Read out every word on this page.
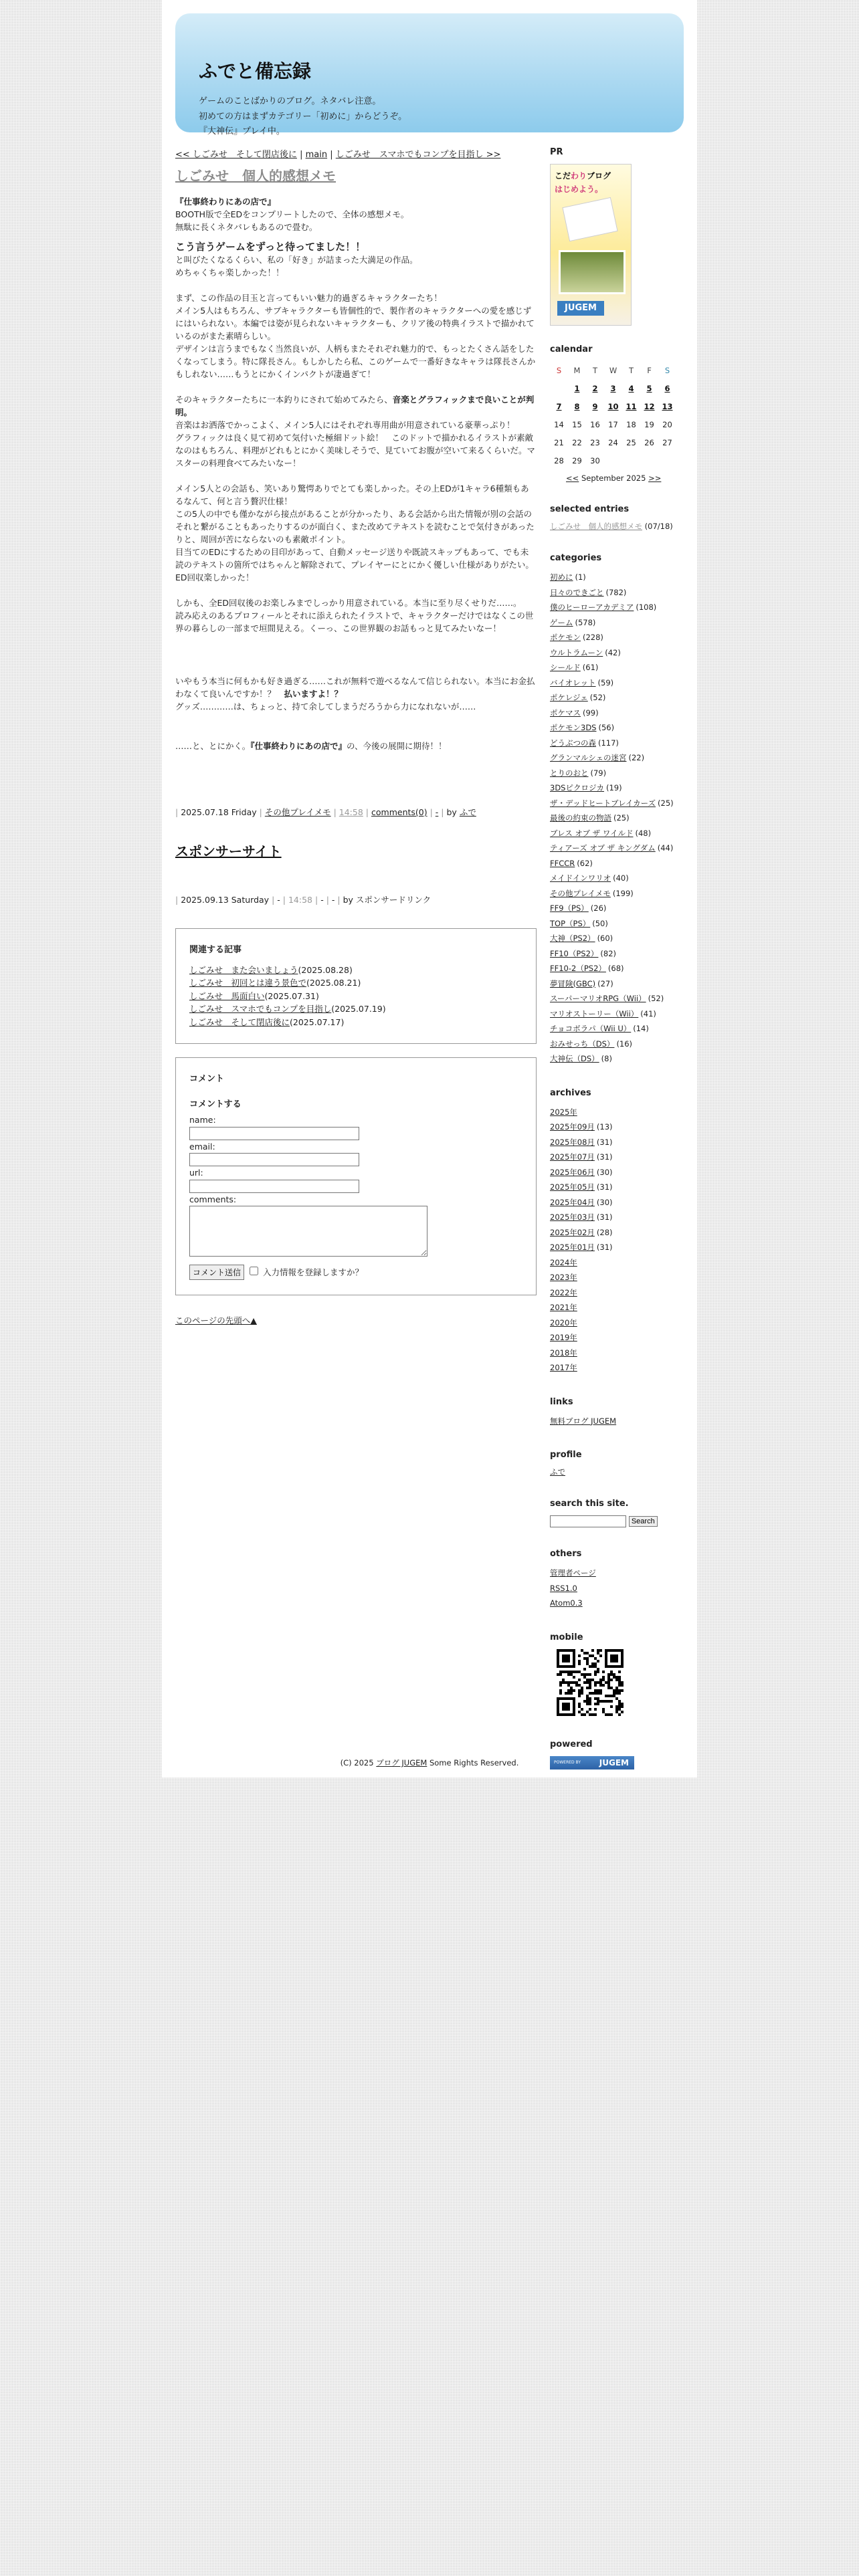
ふでと備忘録
ゲームのことばかりのブログ。ネタバレ注意。
初めての方はまずカテゴリー「初めに」からどうぞ。
『大神伝』プレイ中。
<< しごみせ　そして閉店後に | main | しごみせ　スマホでもコンプを目指し >>
しごみせ　個人的感想メモ

『仕事終わりにあの店で』
BOOTH版で全EDをコンプリートしたので、全体の感想メモ。
無駄に長くネタバレもあるので畳む。

こう言うゲームをずっと待ってました！！

と叫びたくなるくらい、私の「好き」が詰まった大満足の作品。
めちゃくちゃ楽しかった！！

まず、この作品の目玉と言ってもいい魅力的過ぎるキャラクターたち！
メイン5人はもちろん、サブキャラクターも皆個性的で、製作者のキャラクターへの愛を感じずにはいられない。本編では姿が見られないキャラクターも、クリア後の特典イラストで描かれているのがまた素晴らしい。
デザインは言うまでもなく当然良いが、人柄もまたそれぞれ魅力的で、もっとたくさん話をしたくなってしまう。特に隊長さん。もしかしたら私、このゲームで一番好きなキャラは隊長さんかもしれない……もうとにかくインパクトが凄過ぎて！

そのキャラクターたちに一本釣りにされて始めてみたら、音楽とグラフィックまで良いことが判明。
音楽はお洒落でかっこよく、メイン5人にはそれぞれ専用曲が用意されている豪華っぷり！
グラフィックは良く見て初めて気付いた極細ドット絵！　このドットで描かれるイラストが素敵なのはもちろん、料理がどれもとにかく美味しそうで、見ていてお腹が空いて来るくらいだ。マスターの料理食べてみたいなー！

メイン5人との会話も、笑いあり驚愕ありでとても楽しかった。その上EDが1キャラ6種類もあるなんて、何と言う贅沢仕様！
この5人の中でも僅かながら接点があることが分かったり、ある会話から出た情報が別の会話のそれと繋がることもあったりするのが面白く、また改めてテキストを読むことで気付きがあったりと、周回が苦にならないのも素敵ポイント。
目当てのEDにするための目印があって、自動メッセージ送りや既読スキップもあって、でも未読のテキストの箇所ではちゃんと解除されて、プレイヤーにとにかく優しい仕様がありがたい。ED回収楽しかった！

しかも、全ED回収後のお楽しみまでしっかり用意されている。本当に至り尽くせりだ……。
読み応えのあるプロフィールとそれに添えられたイラストで、キャラクターだけではなくこの世界の暮らしの一部まで垣間見える。くーっ、この世界観のお話もっと見てみたいなー！

いやもう本当に何もかも好き過ぎる……これが無料で遊べるなんて信じられない。本当にお金払わなくて良いんですか！？　払いますよ！？
グッズ…………は、ちょっと、持て余してしまうだろうから力になれないが……

……と、とにかく。『仕事終わりにあの店で』の、今後の展開に期待！！

| 2025.07.18 Friday | その他プレイメモ | 14:58 | comments(0) | - | by ふで
スポンサーサイト
| 2025.09.13 Saturday | - | 14:58 | - | - | by スポンサードリンク
関連する記事
しごみせ　また会いましょう(2025.08.28)
しごみせ　初回とは違う景色で(2025.08.21)
しごみせ　馬面白い(2025.07.31)
しごみせ　スマホでもコンプを目指し(2025.07.19)
しごみせ　そして閉店後に(2025.07.17)
コメント
コメントする
name:
email:
url:
comments:
コメント送信	入力情報を登録しますか？
このページの先頭へ▲
PR
こだわりブログ
はじめよう。
JUGEM
calendar
S	M	T	W	T	F	S
	1	2	3	4	5	6
7	8	9	10	11	12	13
14	15	16	17	18	19	20
21	22	23	24	25	26	27
28	29	30				
<< September 2025 >>
selected entries
しごみせ　個人的感想メモ (07/18)
categories
初めに (1)
日々のできごと (782)
僕のヒーローアカデミア (108)
ゲーム (578)
ポケモン (228)
ウルトラムーン (42)
シールド (61)
バイオレット (59)
ポケレジェ (52)
ポケマス (99)
ポケモン3DS (56)
どうぶつの森 (117)
グランマルシェの迷宮 (22)
とりのおと (79)
3DSピクロジカ (19)
ザ・デッドヒートブレイカーズ (25)
最後の約束の物語 (25)
ブレス オブ ザ ワイルド (48)
ティアーズ オブ ザ キングダム (44)
FFCCR (62)
メイドインワリオ (40)
その他プレイメモ (199)
FF9（PS） (26)
TOP（PS） (50)
大神（PS2） (60)
FF10（PS2） (82)
FF10-2（PS2） (68)
夢冒険(GBC) (27)
スーパーマリオRPG（Wii） (52)
マリオストーリー（Wii） (41)
チョコボラパ（Wii U） (14)
おみせっち（DS） (16)
大神伝（DS） (8)
archives
2025年
2025年09月 (13)
2025年08月 (31)
2025年07月 (31)
2025年06月 (30)
2025年05月 (31)
2025年04月 (30)
2025年03月 (31)
2025年02月 (28)
2025年01月 (31)
2024年
2023年
2022年
2021年
2020年
2019年
2018年
2017年
links
無料ブログ JUGEM
profile
ふで
search this site.
Search
others
管理者ページ
RSS1.0
Atom0.3
mobile
powered
POWERED BY JUGEM
(C) 2025 ブログ JUGEM Some Rights Reserved.
